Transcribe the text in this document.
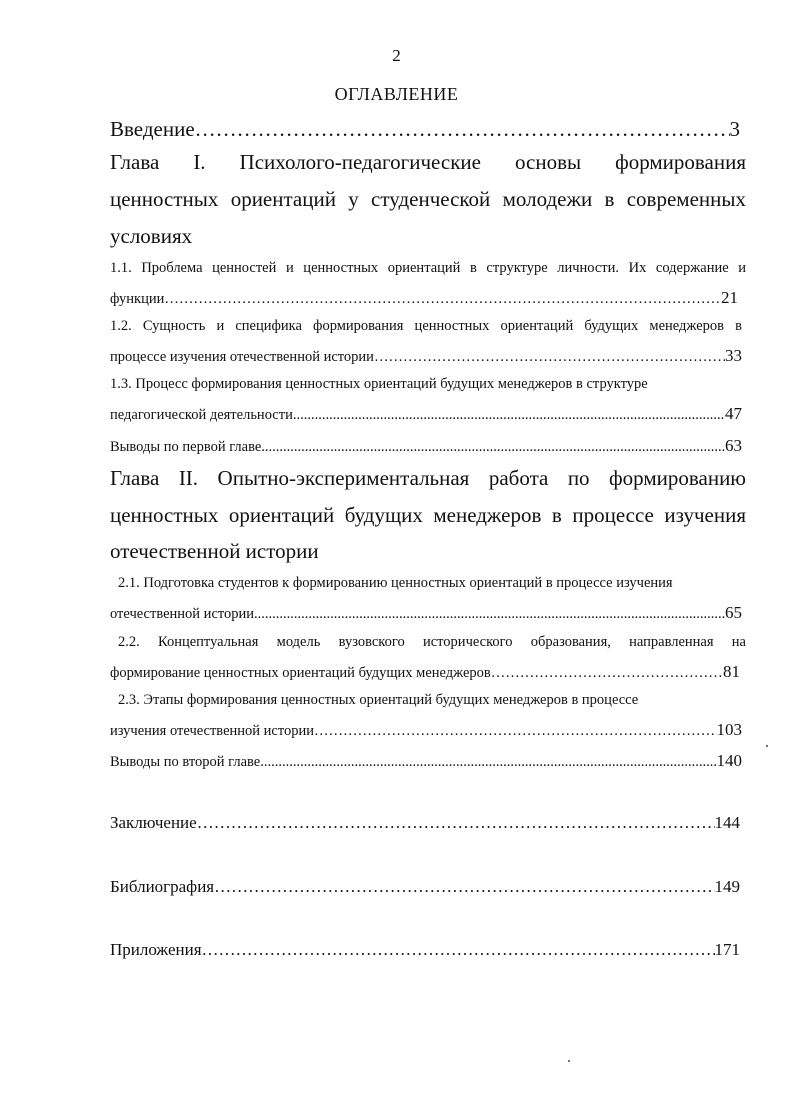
2
ОГЛАВЛЕНИЕ
Введение ………………………………………………………………………………………………………………………………………………………………………………………………………………………	3
Глава I. Психолого-педагогические основы формирования
ценностных ориентаций у студенческой молодежи в современных
условиях
1.1. Проблема ценностей и ценностных ориентаций в структуре личности. Их содержание и
функции ………………………………………………………………………………………………………………………………………………………………………………………………………………………	21
1.2. Сущность и специфика формирования ценностных ориентаций будущих менеджеров в
процессе изучения отечественной истории ………………………………………………………………………………………………………………………………………………………………………………………………………………………	33
1.3. Процесс формирования ценностных ориентаций будущих менеджеров в структуре
педагогической деятельности .....	47
Выводы по первой главе .....	63
Глава II. Опытно-экспериментальная работа по формированию
ценностных ориентаций будущих менеджеров в процессе изучения
отечественной истории
2.1. Подготовка студентов к формированию ценностных ориентаций в процессе изучения
отечественной истории .....	65
2.2. Концептуальная модель вузовского исторического образования, направленная на
формирование ценностных ориентаций будущих менеджеров ………………………………………………………………………………………………………………………………………………………………………………………………………………………	81
2.3. Этапы формирования ценностных ориентаций будущих менеджеров в процессе
изучения отечественной истории ………………………………………………………………………………………………………………………………………………………………………………………………………………………	103
Выводы по второй главе .....	140
Заключение ………………………………………………………………………………………………………………………………………………………………………………………………………………………	144
Библиография ………………………………………………………………………………………………………………………………………………………………………………………………………………………	149
Приложения ………………………………………………………………………………………………………………………………………………………………………………………………………………………	171
